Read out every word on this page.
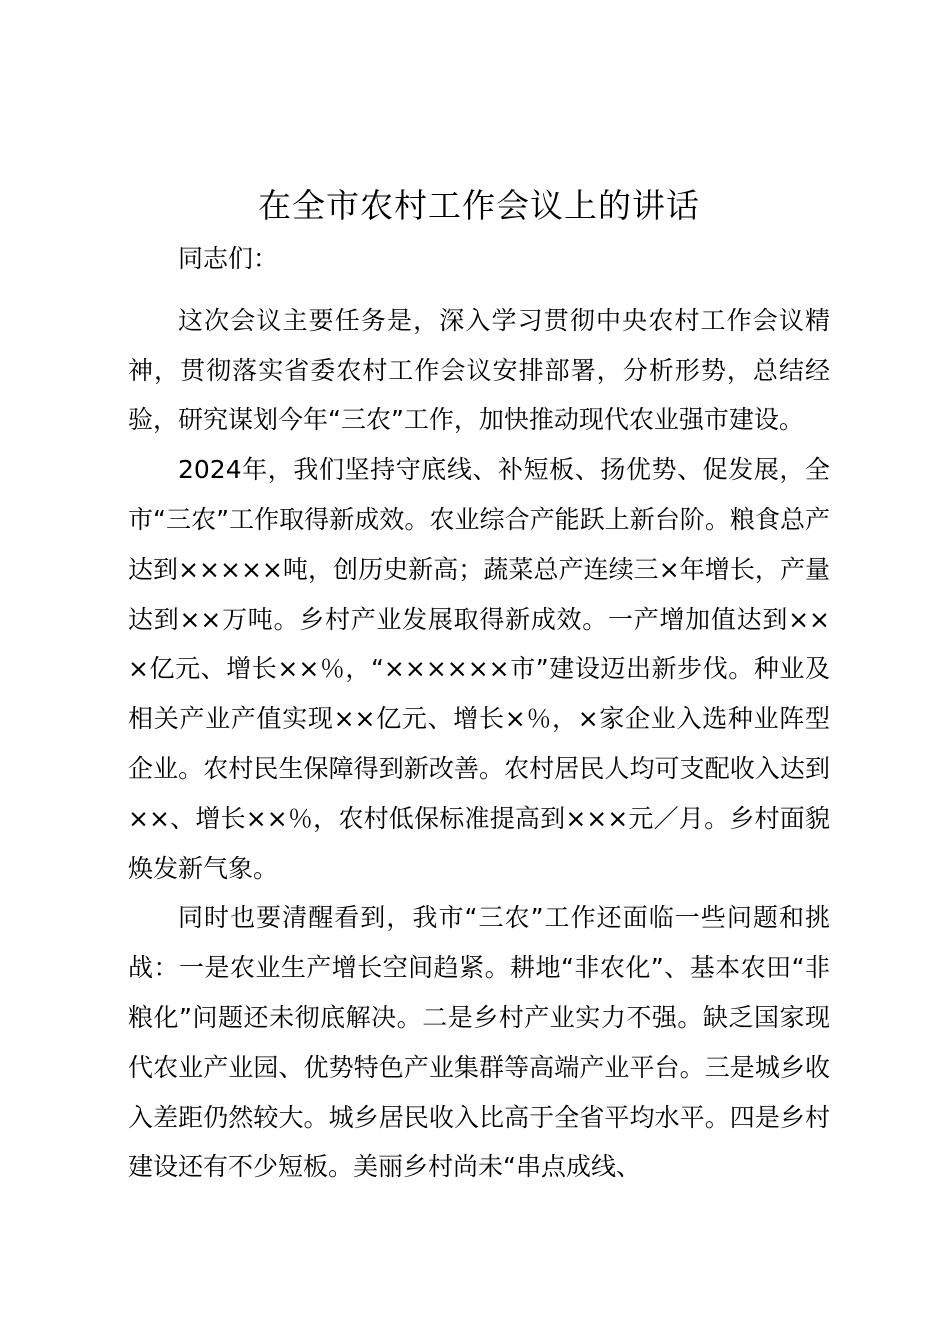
在全市农村工作会议上的讲话

同志们：

这次会议主要任务是，深入学习贯彻中央农村工作会议精神，贯彻落实省委农村工作会议安排部署，分析形势，总结经验，研究谋划今年“三农”工作，加快推动现代农业强市建设。

2024年，我们坚持守底线、补短板、扬优势、促发展，全市“三农”工作取得新成效。农业综合产能跃上新台阶。粮食总产达到×××××吨，创历史新高；蔬菜总产连续三×年增长，产量达到××万吨。乡村产业发展取得新成效。一产增加值达到×××亿元、增长××％，“××××××市”建设迈出新步伐。种业及相关产业产值实现××亿元、增长×％，×家企业入选种业阵型企业。农村民生保障得到新改善。农村居民人均可支配收入达到××、增长××％，农村低保标准提高到×××元／月。乡村面貌焕发新气象。

同时也要清醒看到，我市“三农”工作还面临一些问题和挑战：一是农业生产增长空间趋紧。耕地“非农化”、基本农田“非粮化”问题还未彻底解决。二是乡村产业实力不强。缺乏国家现代农业产业园、优势特色产业集群等高端产业平台。三是城乡收入差距仍然较大。城乡居民收入比高于全省平均水平。四是乡村建设还有不少短板。美丽乡村尚未“串点成线、
